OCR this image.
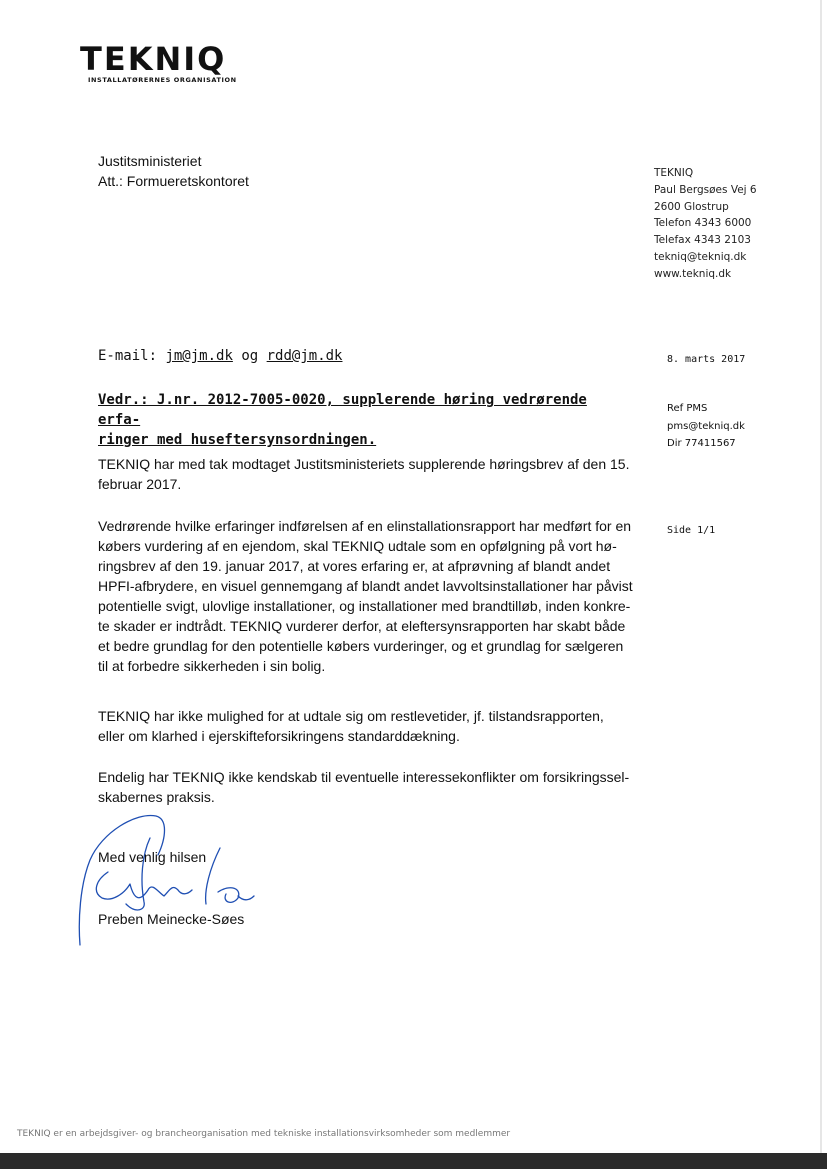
TEKNIQ
INSTALLATØRERNES ORGANISATION
Justitsministeriet
Att.: Formueretskontoret	TEKNIQ
Paul Bergsøes Vej 6
2600 Glostrup
Telefon 4343 6000
Telefax 4343 2103
tekniq@tekniq.dk
www.tekniq.dk
E-mail: jm@jm.dk og rdd@jm.dk	8. marts 2017
Vedr.: J.nr. 2012-7005-0020, supplerende høring vedrørende erfa-
ringer med huseftersynsordningen.
Ref PMS
pms@tekniq.dk
Dir 77411567
Side 1/1
TEKNIQ har med tak modtaget Justitsministeriets supplerende høringsbrev af den 15.
februar 2017.
Vedrørende hvilke erfaringer indførelsen af en elinstallationsrapport har medført for en
købers vurdering af en ejendom, skal TEKNIQ udtale som en opfølgning på vort hø-
ringsbrev af den 19. januar 2017, at vores erfaring er, at afprøvning af blandt andet
HPFI-afbrydere, en visuel gennemgang af blandt andet lavvoltsinstallationer har påvist
potentielle svigt, ulovlige installationer, og installationer med brandtilløb, inden konkre-
te skader er indtrådt. TEKNIQ vurderer derfor, at eleftersynsrapporten har skabt både
et bedre grundlag for den potentielle købers vurderinger, og et grundlag for sælgeren
til at forbedre sikkerheden i sin bolig.
TEKNIQ har ikke mulighed for at udtale sig om restlevetider, jf. tilstandsrapporten,
eller om klarhed i ejerskifteforsikringens standarddækning.
Endelig har TEKNIQ ikke kendskab til eventuelle interessekonflikter om forsikringssel-
skabernes praksis.
Med venlig hilsen
Preben Meinecke-Søes
TEKNIQ er en arbejdsgiver- og brancheorganisation med tekniske installationsvirksomheder som medlemmer
